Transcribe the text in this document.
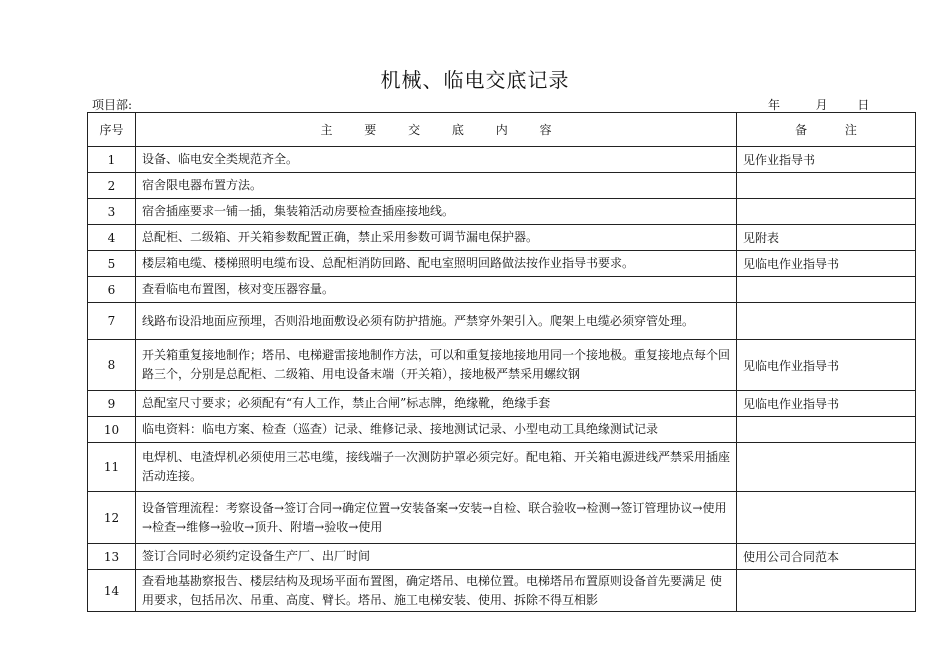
机械、临电交底记录
项目部:	年	月 日
序号	主 要 交 底 内 容	备 注
1	设备、临电安全类规范齐全。	见作业指导书
2	宿舍限电器布置方法。	
3	宿舍插座要求一铺一插，集装箱活动房要检查插座接地线。	
4	总配柜、二级箱、开关箱参数配置正确，禁止采用参数可调节漏电保护器。	见附表
5	楼层箱电缆、楼梯照明电缆布设、总配柜消防回路、配电室照明回路做法按作业指导书要求。	见临电作业指导书
6	查看临电布置图，核对变压器容量。	
7	线路布设沿地面应预埋，否则沿地面敷设必须有防护措施。严禁穿外架引入。爬架上电缆必须穿管处理。	
8	开关箱重复接地制作；塔吊、电梯避雷接地制作方法，可以和重复接地接地用同一个接地极。重复接地点每个回路三个，分别是总配柜、二级箱、用电设备末端（开关箱），接地极严禁采用螺纹钢	见临电作业指导书
9	总配室尺寸要求；必须配有“有人工作，禁止合闸”标志牌，绝缘靴，绝缘手套	见临电作业指导书
10	临电资料：临电方案、检查（巡查）记录、维修记录、接地测试记录、小型电动工具绝缘测试记录	
11	电焊机、电渣焊机必须使用三芯电缆，接线端子一次测防护罩必须完好。配电箱、开关箱电源进线严禁采用插座活动连接。	
12	设备管理流程：考察设备→签订合同→确定位置→安装备案→安装→自检、联合验收→检测→签订管理协议→使用→检查→维修→验收→顶升、附墙→验收→使用	
13	签订合同时必须约定设备生产厂、出厂时间	使用公司合同范本
14	查看地基勘察报告、楼层结构及现场平面布置图，确定塔吊、电梯位置。电梯塔吊布置原则设备首先要满足 使用要求，包括吊次、吊重、高度、臂长。塔吊、施工电梯安装、使用、拆除不得互相影	
